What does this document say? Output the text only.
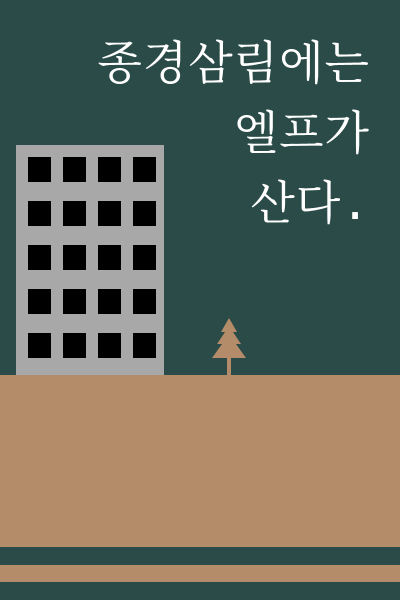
종경삼림에는
엘프가
산다.
